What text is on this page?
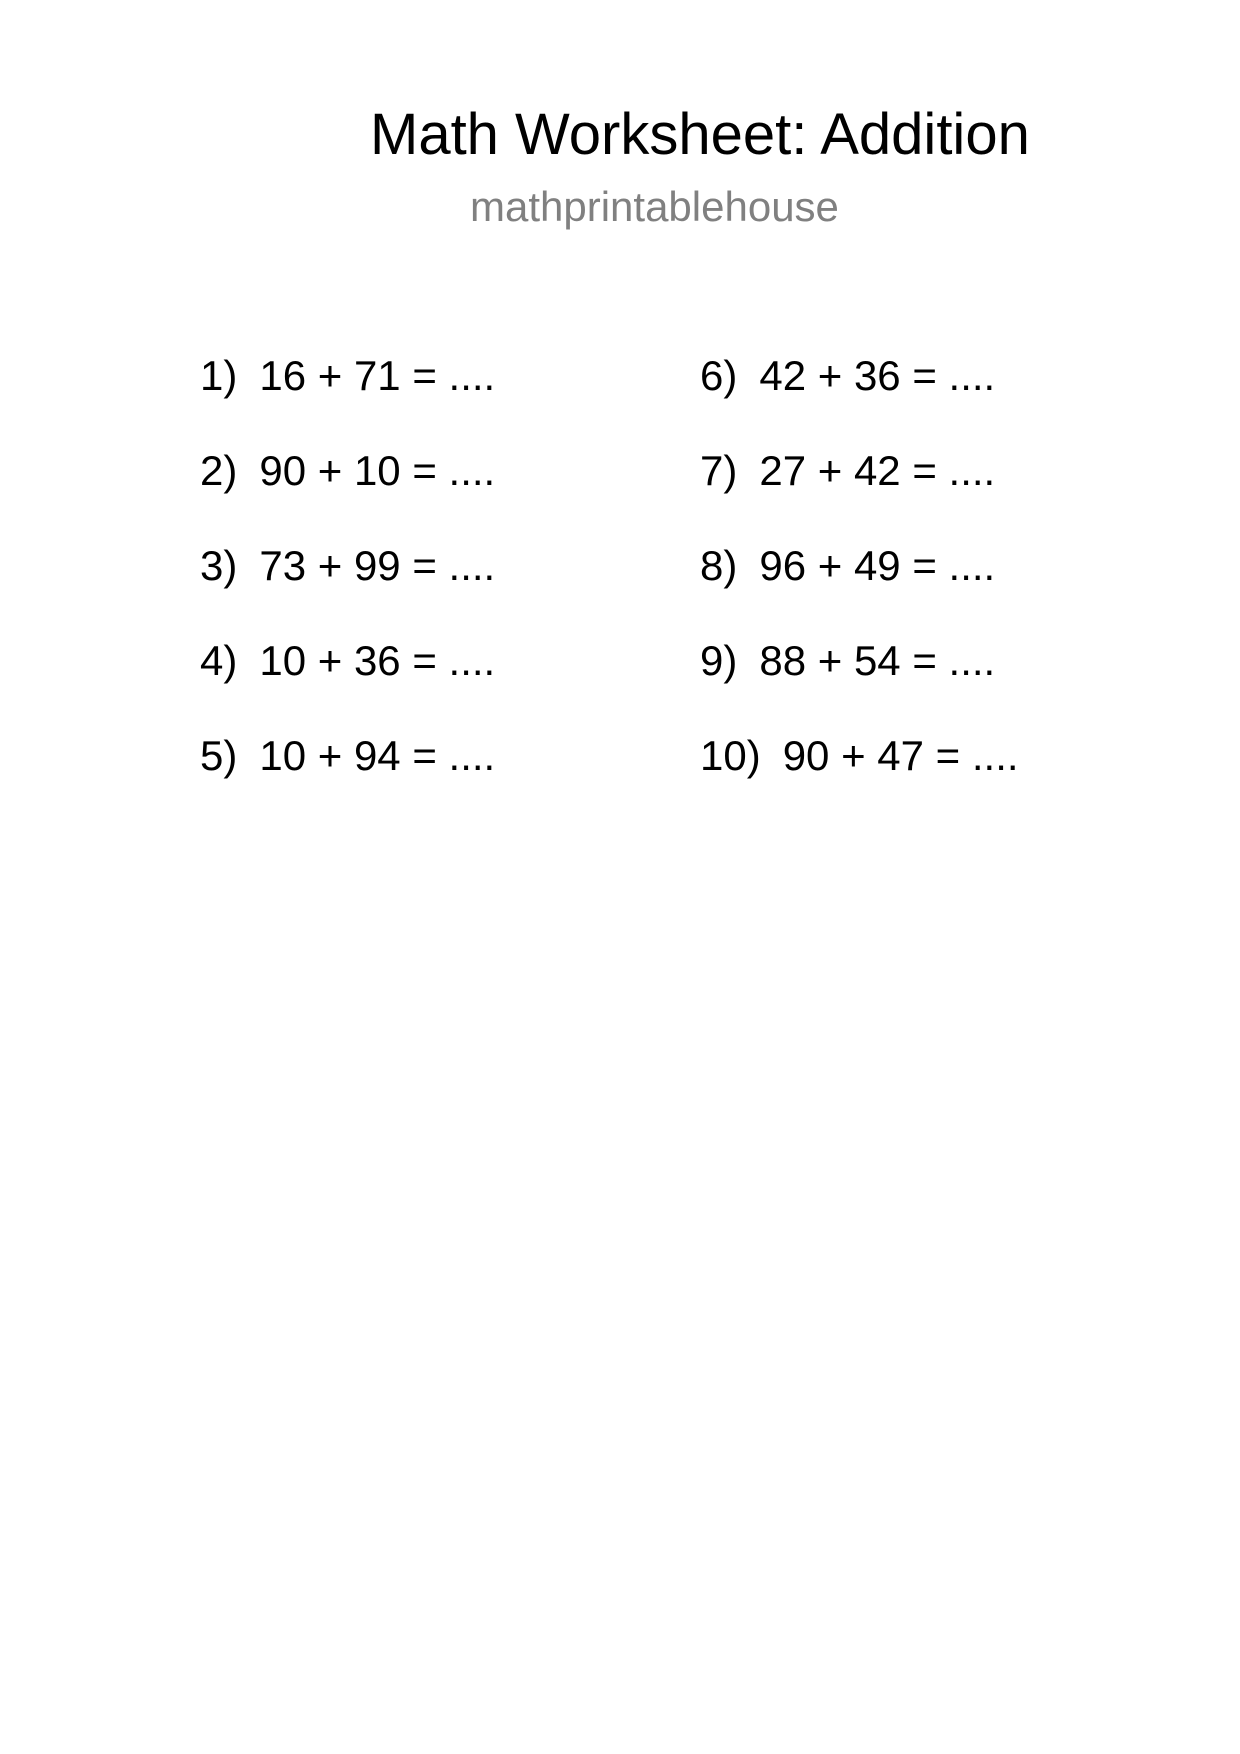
Math Worksheet: Addition
mathprintablehouse
1) 16 + 71 = ....
2) 90 + 10 = ....
3) 73 + 99 = ....
4) 10 + 36 = ....
5) 10 + 94 = ....
6) 42 + 36 = ....
7) 27 + 42 = ....
8) 96 + 49 = ....
9) 88 + 54 = ....
10) 90 + 47 = ....
